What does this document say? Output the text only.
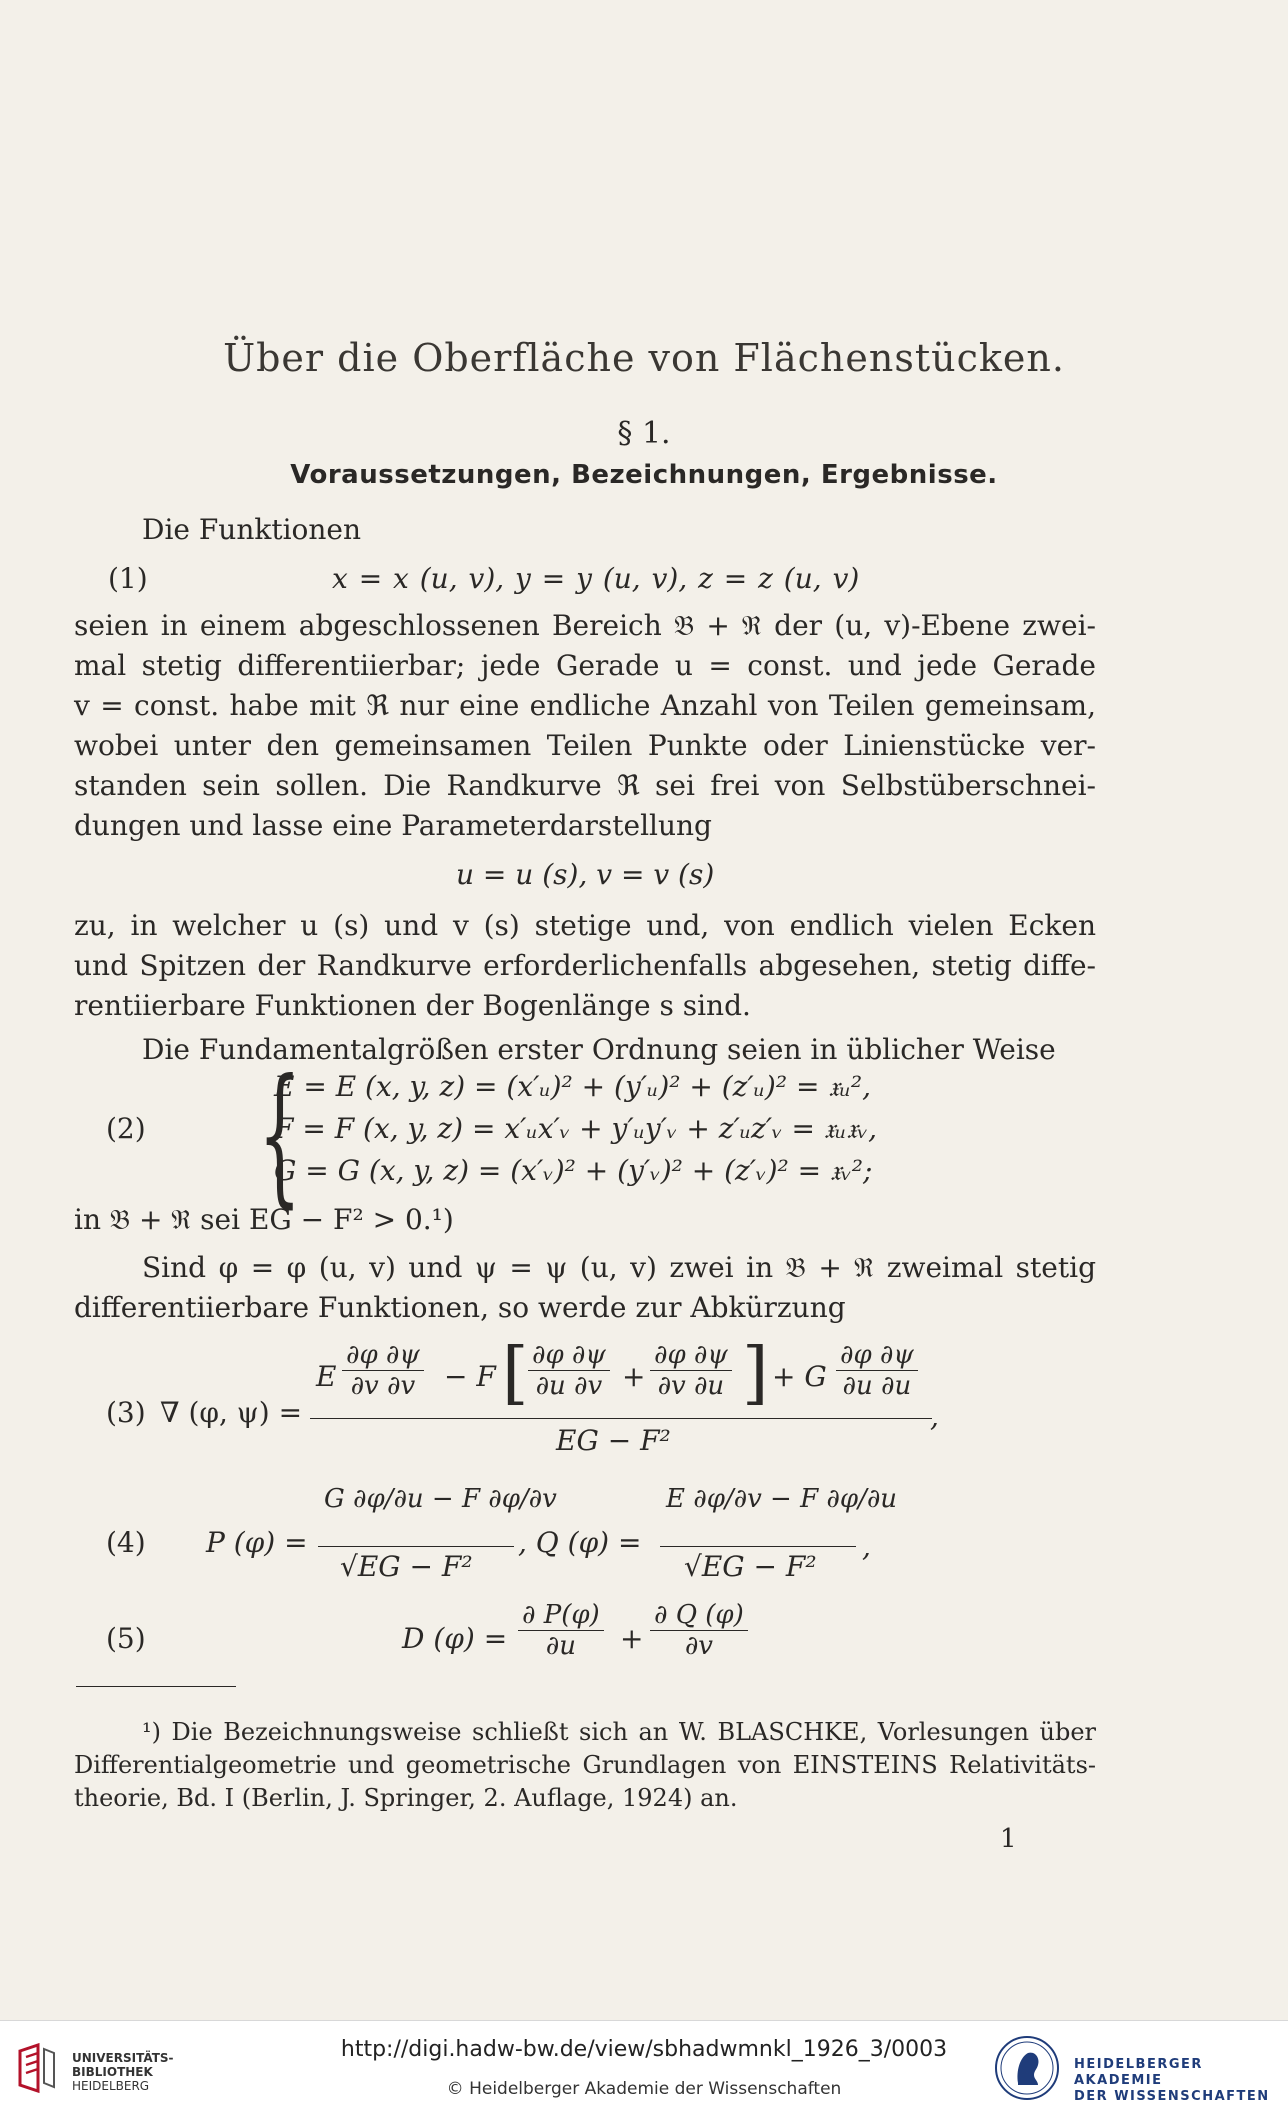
Über die Oberfläche von Flächenstücken.
§ 1.
Voraussetzungen, Bezeichnungen, Ergebnisse.
Die Funktionen
(1)	x = x (u, v), y = y (u, v), z = z (u, v)
seien in einem abgeschlossenen Bereich 𝔅 + ℜ der (u, v)-Ebene zwei-
mal stetig differentiierbar; jede Gerade u = const. und jede Gerade
v = const. habe mit ℜ nur eine endliche Anzahl von Teilen gemeinsam,
wobei unter den gemeinsamen Teilen Punkte oder Linienstücke ver-
standen sein sollen. Die Randkurve ℜ sei frei von Selbstüberschnei-
dungen und lasse eine Parameterdarstellung
u = u (s), v = v (s)
zu, in welcher u (s) und v (s) stetige und, von endlich vielen Ecken
und Spitzen der Randkurve erforderlichenfalls abgesehen, stetig diffe-
rentiierbare Funktionen der Bogenlänge s sind.
Die Fundamentalgrößen erster Ordnung seien in üblicher Weise
(2) {
E = E (x, y, z) = (x′ᵤ)² + (y′ᵤ)² + (z′ᵤ)² = 𝔵ᵤ²,
F = F (x, y, z) = x′ᵤx′ᵥ + y′ᵤy′ᵥ + z′ᵤz′ᵥ = 𝔵ᵤ𝔵ᵥ,
G = G (x, y, z) = (x′ᵥ)² + (y′ᵥ)² + (z′ᵥ)² = 𝔵ᵥ²;
in 𝔅 + ℜ sei EG − F² > 0.¹)
Sind φ = φ (u, v) und ψ = ψ (u, v) zwei in 𝔅 + ℜ zweimal stetig
differentiierbare Funktionen, so werde zur Abkürzung
(3) ∇ (φ, ψ) =
E $\frac{\partial\varphi \partial\psi}{\partial v \partial v} - F$ [ $\frac{\partial\varphi \partial\psi}{\partial u \partial v} + \frac{\partial\varphi \partial\psi}{\partial v \partial u}$ ] + G $\frac{\partial\varphi \partial\psi}{\partial u \partial u}$
EG − F²
,
(4) P (φ) =
G ∂φ/∂u − F ∂φ/∂v
√EG − F²
, Q (φ) =
E ∂φ/∂v − F ∂φ/∂u
√EG − F²
,
(5)	D $(\varphi) = \frac{\partial P(\varphi)}{\partial u} + \frac{\partial Q (\varphi)}{\partial v}$
¹) Die Bezeichnungsweise schließt sich an W. BLASCHKE, Vorlesungen über
Differentialgeometrie und geometrische Grundlagen von EINSTEINS Relativitäts-
theorie, Bd. I (Berlin, J. Springer, 2. Auflage, 1924) an.
1
UNIVERSITÄTS-
BIBLIOTHEK
HEIDELBERG
http://digi.hadw-bw.de/view/sbhadwmnkl_1926_3/0003
© Heidelberger Akademie der Wissenschaften
HEIDELBERGER AKADEMIE
DER WISSENSCHAFTEN
